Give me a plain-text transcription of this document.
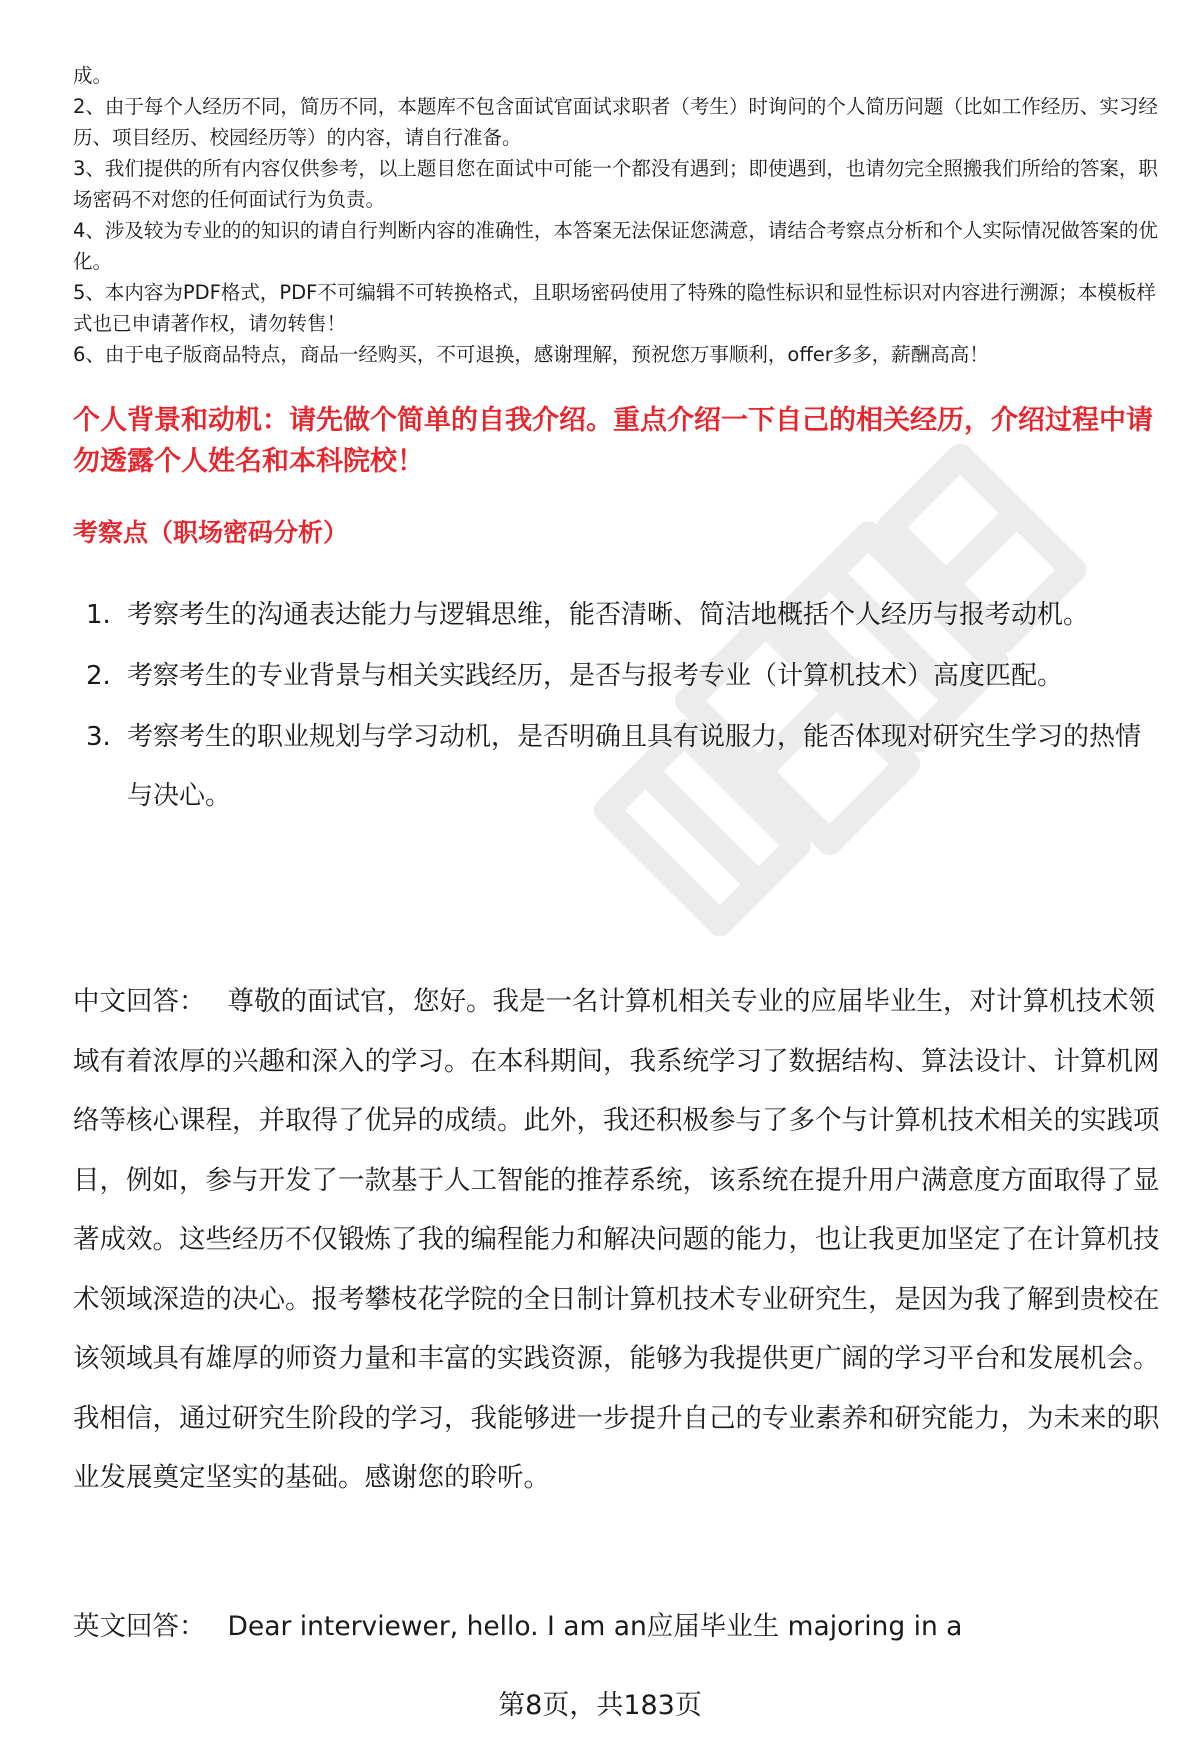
成。

2、由于每个人经历不同，简历不同，本题库不包含面试官面试求职者（考生）时询问的个人简历问题（比如工作经历、实习经历、项目经历、校园经历等）的内容，请自行准备。

3、我们提供的所有内容仅供参考，以上题目您在面试中可能一个都没有遇到；即使遇到，也请勿完全照搬我们所给的答案，职场密码不对您的任何面试行为负责。

4、涉及较为专业的的知识的请自行判断内容的准确性，本答案无法保证您满意，请结合考察点分析和个人实际情况做答案的优化。

5、本内容为PDF格式，PDF不可编辑不可转换格式，且职场密码使用了特殊的隐性标识和显性标识对内容进行溯源；本模板样式也已申请著作权，请勿转售！

6、由于电子版商品特点，商品一经购买，不可退换，感谢理解，预祝您万事顺利，offer多多，薪酬高高！

个人背景和动机：请先做个简单的自我介绍。重点介绍一下自己的相关经历，介绍过程中请勿透露个人姓名和本科院校！
考察点（职场密码分析）
1. 考察考生的沟通表达能力与逻辑思维，能否清晰、简洁地概括个人经历与报考动机。
2. 考察考生的专业背景与相关实践经历，是否与报考专业（计算机技术）高度匹配。
3. 考察考生的职业规划与学习动机，是否明确且具有说服力，能否体现对研究生学习的热情与决心。
中文回答： 尊敬的面试官，您好。我是一名计算机相关专业的应届毕业生，对计算机技术领域有着浓厚的兴趣和深入的学习。在本科期间，我系统学习了数据结构、算法设计、计算机网络等核心课程，并取得了优异的成绩。此外，我还积极参与了多个与计算机技术相关的实践项目，例如，参与开发了一款基于人工智能的推荐系统，该系统在提升用户满意度方面取得了显著成效。这些经历不仅锻炼了我的编程能力和解决问题的能力，也让我更加坚定了在计算机技术领域深造的决心。报考攀枝花学院的全日制计算机技术专业研究生，是因为我了解到贵校在该领域具有雄厚的师资力量和丰富的实践资源，能够为我提供更广阔的学习平台和发展机会。我相信，通过研究生阶段的学习，我能够进一步提升自己的专业素养和研究能力，为未来的职业发展奠定坚实的基础。感谢您的聆听。
英文回答： Dear interviewer, hello. I am an应届毕业生 majoring in a
第8页，共183页
